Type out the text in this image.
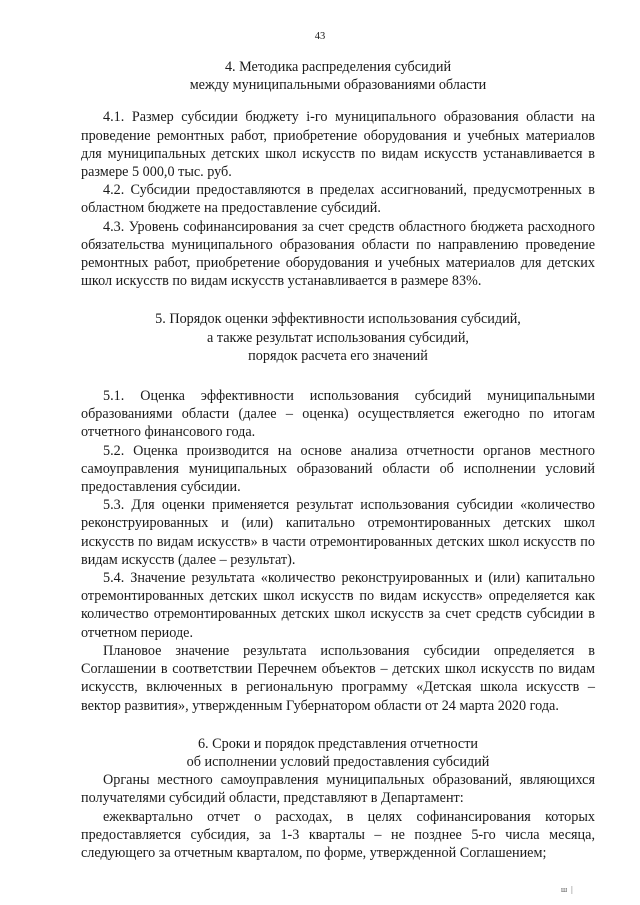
43

4. Методика распределения субсидий

между муниципальными образованиями области

4.1. Размер субсидии бюджету i-го муниципального образования области на проведение ремонтных работ, приобретение оборудования и учебных материалов для муниципальных детских школ искусств по видам искусств устанавливается в размере 5 000,0 тыс. руб.

4.2. Субсидии предоставляются в пределах ассигнований, предусмотренных в областном бюджете на предоставление субсидий.

4.3. Уровень софинансирования за счет средств областного бюджета расходного обязательства муниципального образования области по направлению проведение ремонтных работ, приобретение оборудования и учебных материалов для детских школ искусств по видам искусств устанавливается в размере 83%.

5. Порядок оценки эффективности использования субсидий,

а также результат использования субсидий,

порядок расчета его значений

5.1. Оценка эффективности использования субсидий муниципальными образованиями области (далее – оценка) осуществляется ежегодно по итогам отчетного финансового года.

5.2. Оценка производится на основе анализа отчетности органов местного самоуправления муниципальных образований области об исполнении условий предоставления субсидии.

5.3. Для оценки применяется результат использования субсидии «количество реконструированных и (или) капитально отремонтированных детских школ искусств по видам искусств» в части отремонтированных детских школ искусств по видам искусств (далее – результат).

5.4. Значение результата «количество реконструированных и (или) капитально отремонтированных детских школ искусств по видам искусств» определяется как количество отремонтированных детских школ искусств за счет средств субсидии в отчетном периоде.

Плановое значение результата использования субсидии определяется в Соглашении в соответствии Перечнем объектов – детских школ искусств по видам искусств, включенных в региональную программу «Детская школа искусств – вектор развития», утвержденным Губернатором области от 24 марта 2020 года.

6. Сроки и порядок представления отчетности

об исполнении условий предоставления субсидий

Органы местного самоуправления муниципальных образований, являющихся получателями субсидий области, представляют в Департамент:

ежеквартально отчет о расходах, в целях софинансирования которых предоставляется субсидия, за 1-3 кварталы – не позднее 5-го числа месяца, следующего за отчетным кварталом, по форме, утвержденной Соглашением;

ш |
